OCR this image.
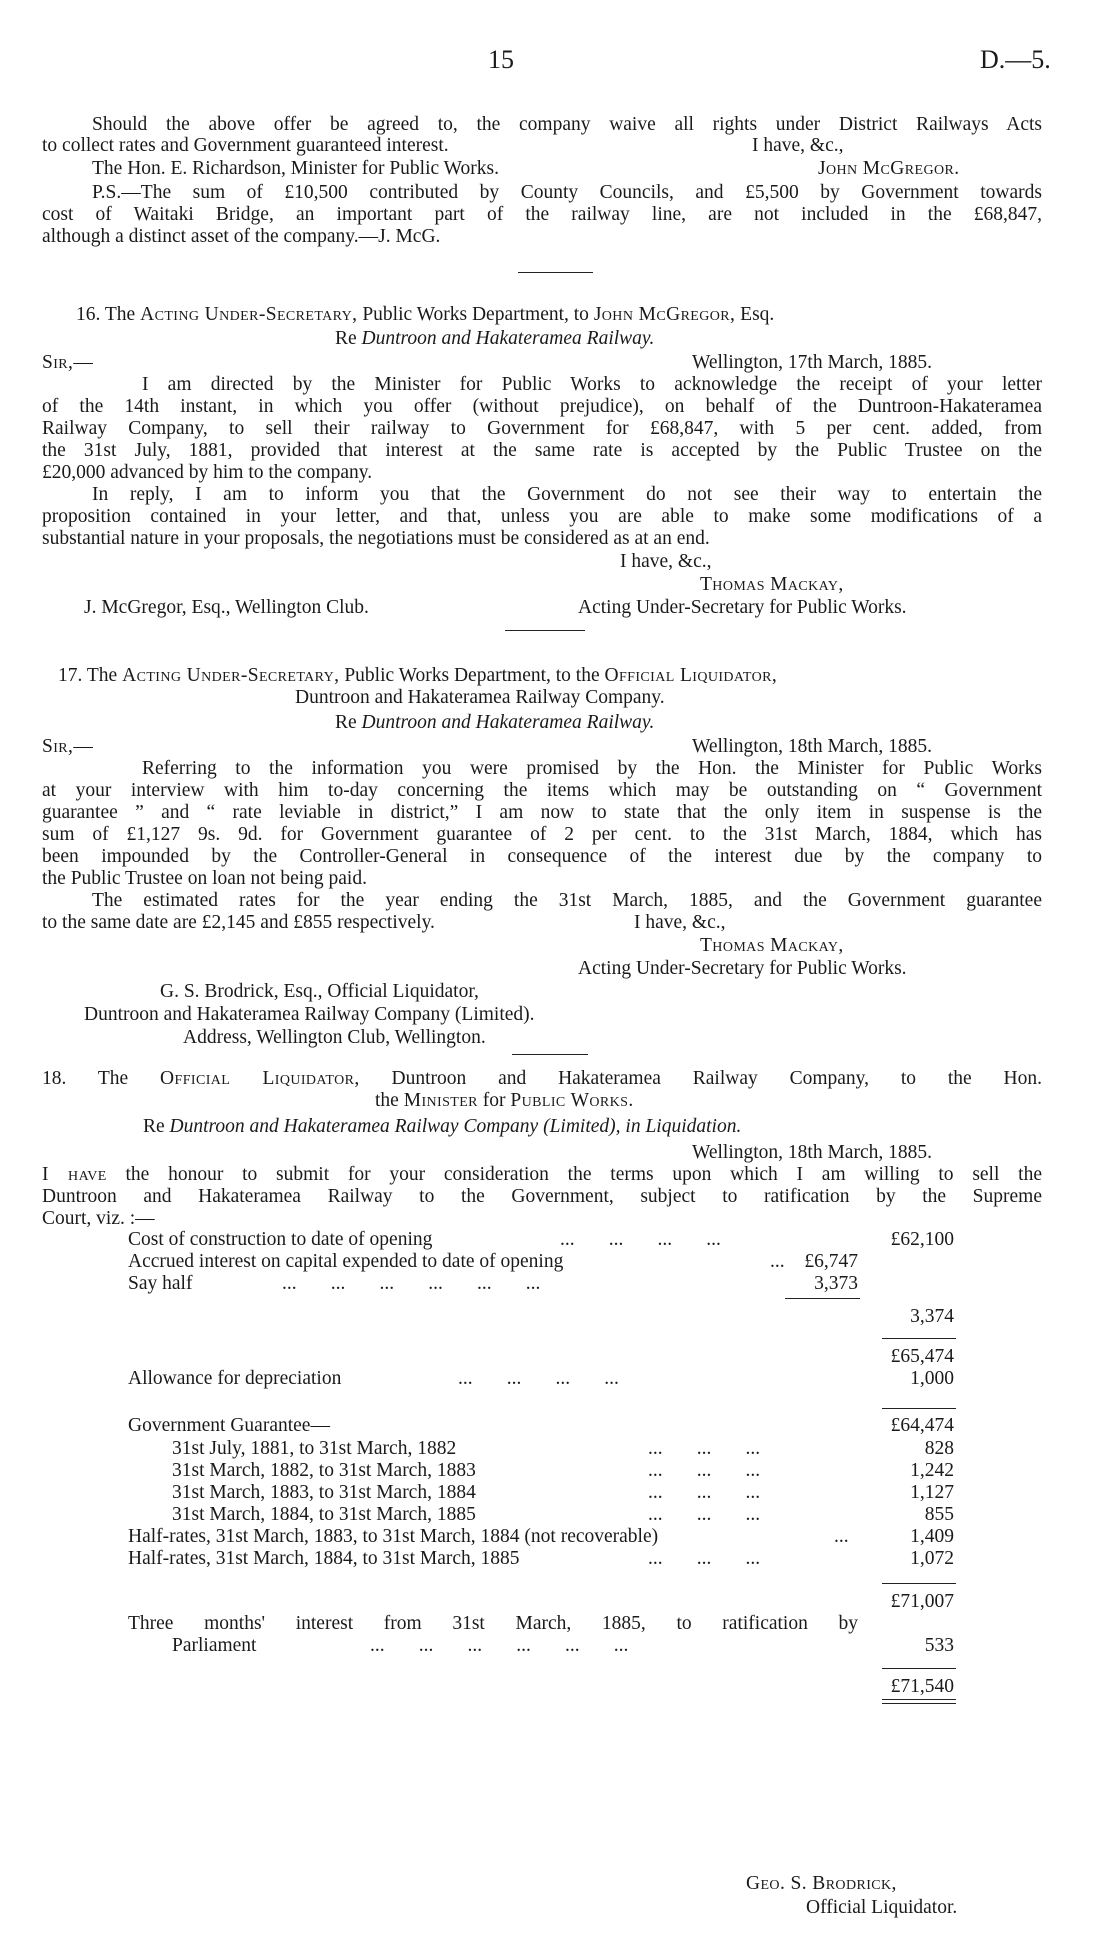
15	D.—5.
Should the above offer be agreed to, the company waive all rights under District Railways Acts
to collect rates and Government guaranteed interest.	I have, &c.,
The Hon. E. Richardson, Minister for Public Works.	John McGregor.
P.S.—The sum of £10,500 contributed by County Councils, and £5,500 by Government towards
cost of Waitaki Bridge, an important part of the railway line, are not included in the £68,847,
although a distinct asset of the company.—J. McG.
16. The Acting Under-Secretary, Public Works Department, to John McGregor, Esq.
Re Duntroon and Hakateramea Railway.
Sir,—	Wellington, 17th March, 1885.
I am directed by the Minister for Public Works to acknowledge the receipt of your letter
of the 14th instant, in which you offer (without prejudice), on behalf of the Duntroon-Hakateramea
Railway Company, to sell their railway to Government for £68,847, with 5 per cent. added, from
the 31st July, 1881, provided that interest at the same rate is accepted by the Public Trustee on the
£20,000 advanced by him to the company.
In reply, I am to inform you that the Government do not see their way to entertain the
proposition contained in your letter, and that, unless you are able to make some modifications of a
substantial nature in your proposals, the negotiations must be considered as at an end.
I have, &c.,
Thomas Mackay,
J. McGregor, Esq., Wellington Club.	Acting Under-Secretary for Public Works.
17. The Acting Under-Secretary, Public Works Department, to the Official Liquidator,
Duntroon and Hakateramea Railway Company.
Re Duntroon and Hakateramea Railway.
Sir,—	Wellington, 18th March, 1885.
Referring to the information you were promised by the Hon. the Minister for Public Works
at your interview with him to-day concerning the items which may be outstanding on “ Government
guarantee ” and “ rate leviable in district,” I am now to state that the only item in suspense is the
sum of £1,127 9s. 9d. for Government guarantee of 2 per cent. to the 31st March, 1884, which has
been impounded by the Controller-General in consequence of the interest due by the company to
the Public Trustee on loan not being paid.
The estimated rates for the year ending the 31st March, 1885, and the Government guarantee
to the same date are £2,145 and £855 respectively.	I have, &c.,
Thomas Mackay,
Acting Under-Secretary for Public Works.
G. S. Brodrick, Esq., Official Liquidator,
Duntroon and Hakateramea Railway Company (Limited).
Address, Wellington Club, Wellington.
18. The Official Liquidator, Duntroon and Hakateramea Railway Company, to the Hon.
the Minister for Public Works.
Re Duntroon and Hakateramea Railway Company (Limited), in Liquidation.
Wellington, 18th March, 1885.
I have the honour to submit for your consideration the terms upon which I am willing to sell the
Duntroon and Hakateramea Railway to the Government, subject to ratification by the Supreme
Court, viz. :—
Cost of construction to date of opening	...       ...       ...       ...	£62,100
Accrued interest on capital expended to date of opening	... £6,747
Say half	...       ...       ...       ...       ...       ...	3,373
3,374
£65,474
Allowance for depreciation	...       ...       ...       ...	1,000
Government Guarantee—	£64,474
31st July, 1881, to 31st March, 1882	...       ...       ...	828
31st March, 1882, to 31st March, 1883	...       ...       ...	1,242
31st March, 1883, to 31st March, 1884	...       ...       ...	1,127
31st March, 1884, to 31st March, 1885	...       ...       ...	855
Half-rates, 31st March, 1883, to 31st March, 1884 (not recoverable)	...	1,409
Half-rates, 31st March, 1884, to 31st March, 1885	...       ...       ...	1,072
£71,007
Three months' interest from 31st March, 1885, to ratification by
Parliament	...       ...       ...       ...       ...       ...	533
£71,540
Geo. S. Brodrick,
Official Liquidator.
